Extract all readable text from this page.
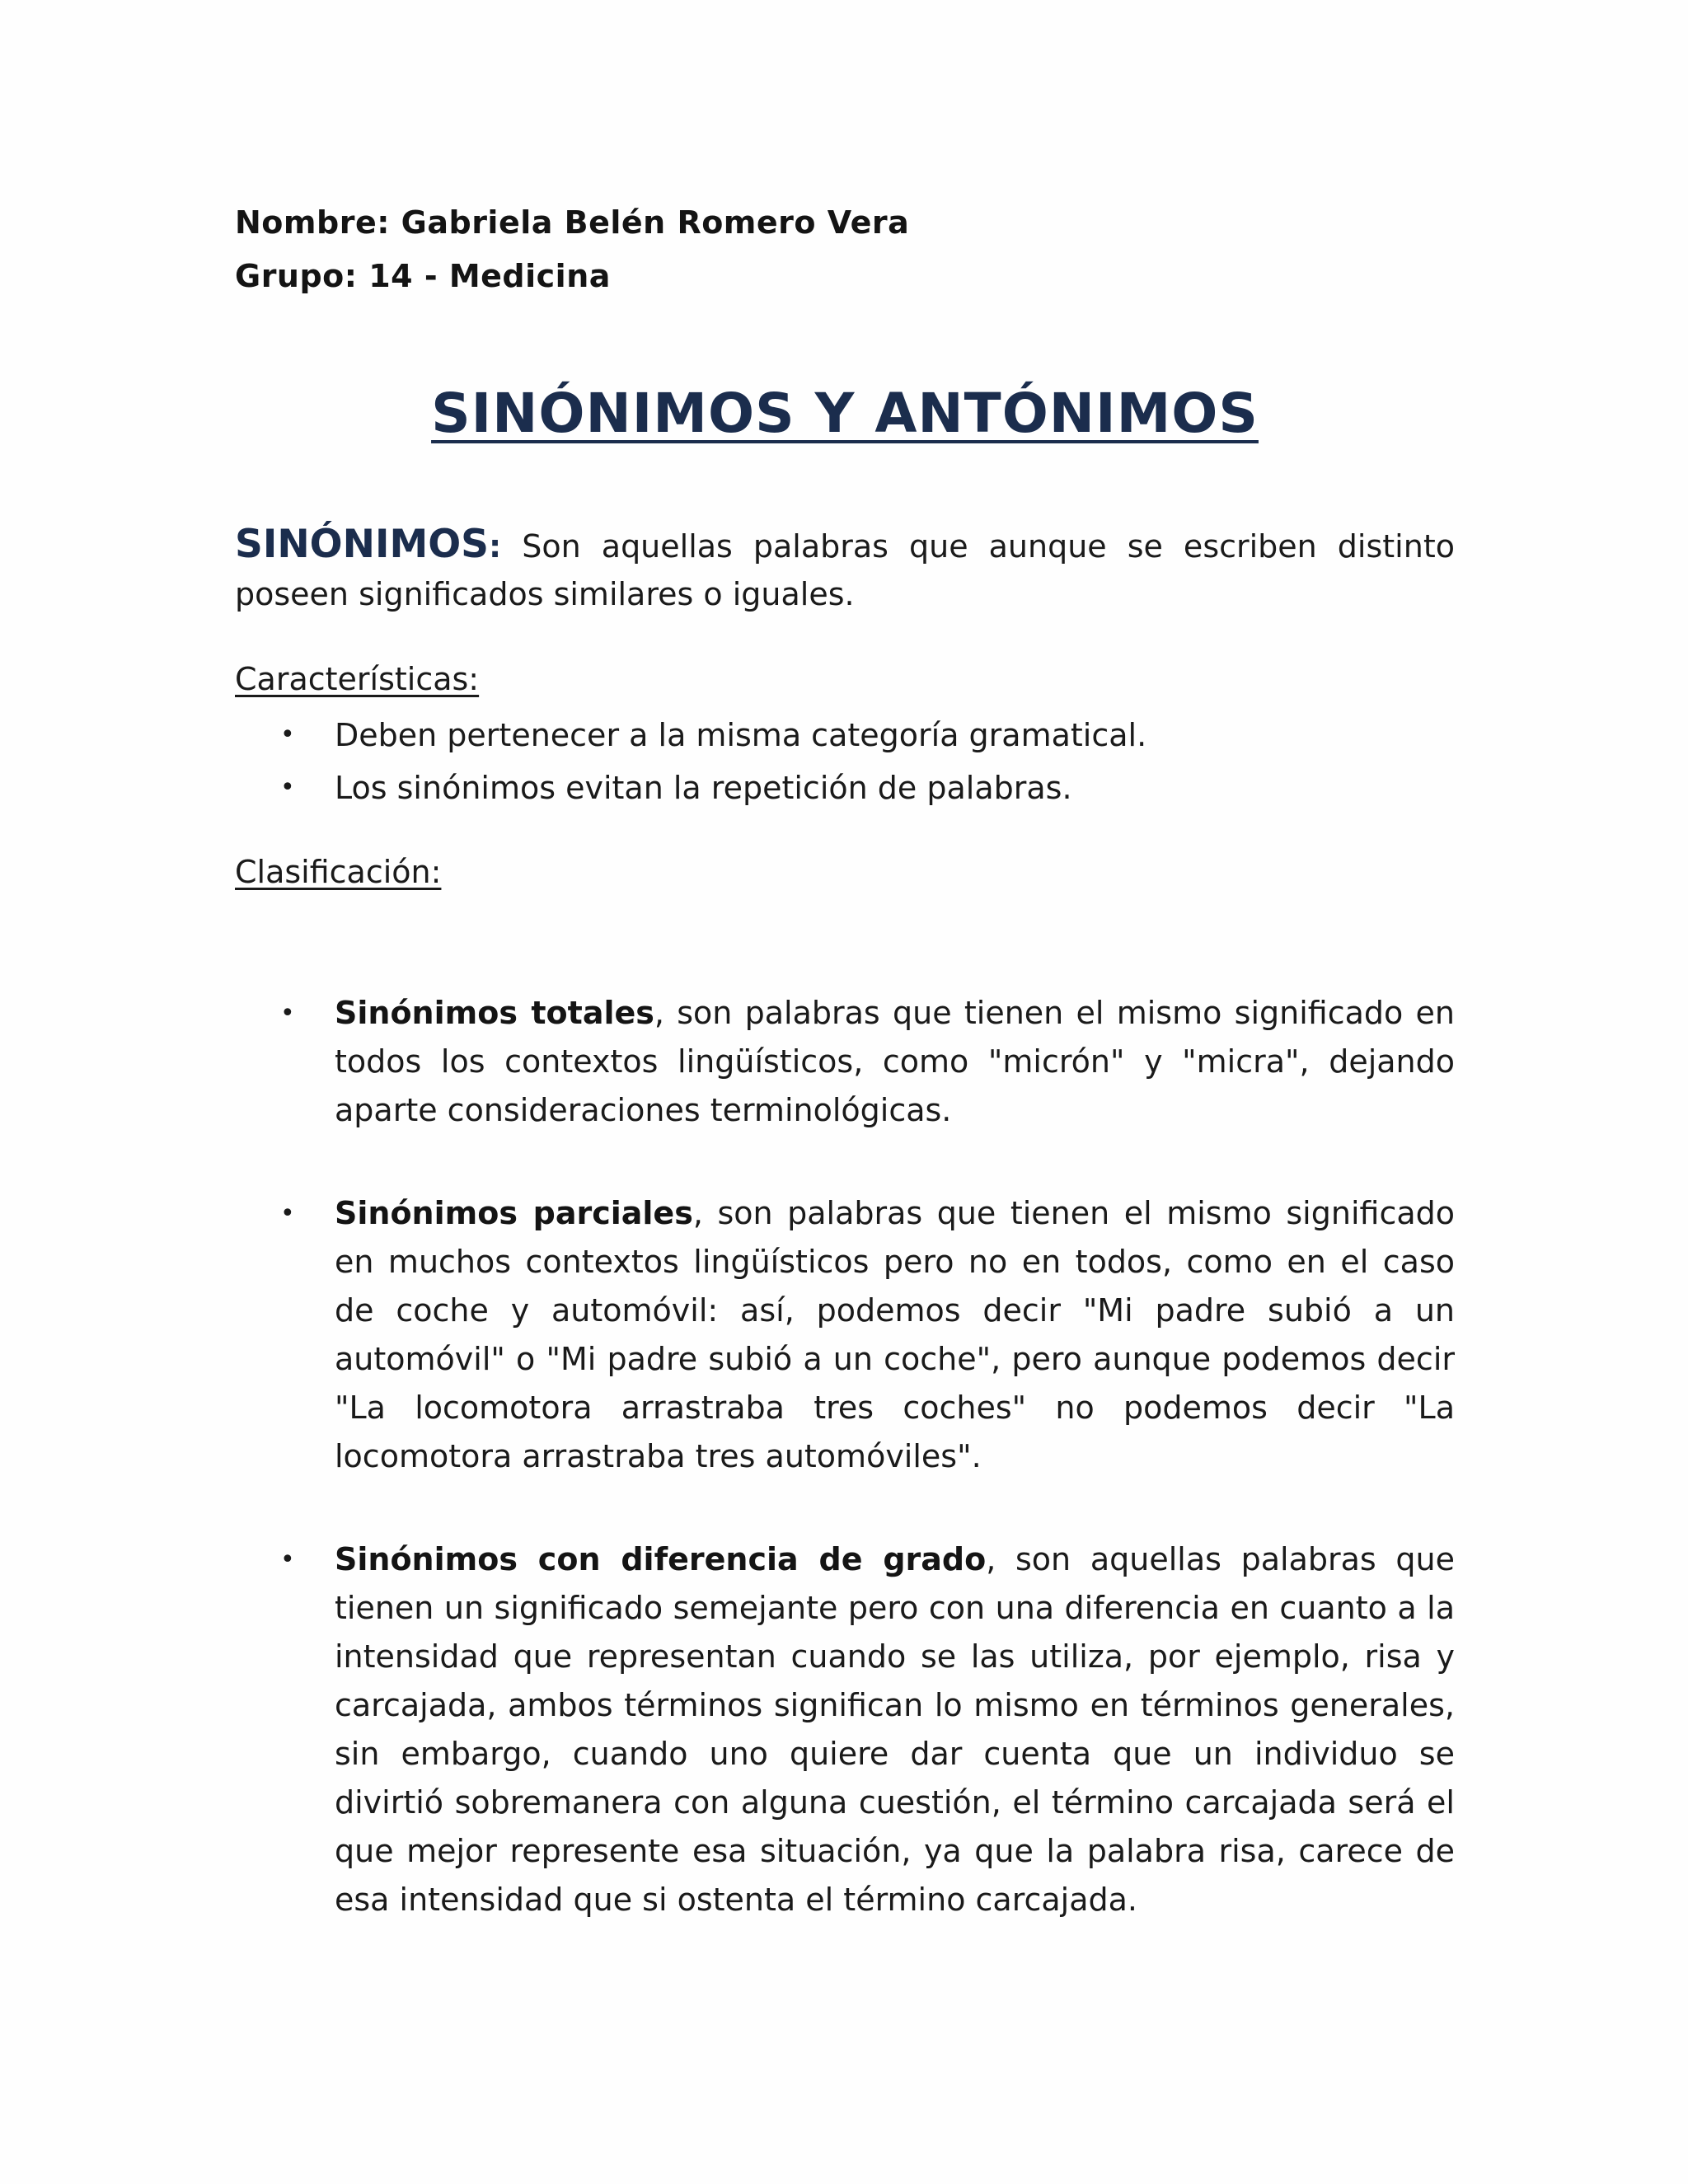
Nombre: Gabriela Belén Romero Vera
Grupo: 14 - Medicina
SINÓNIMOS Y ANTÓNIMOS
SINÓNIMOS: Son aquellas palabras que aunque se escriben distinto poseen significados similares o iguales.
Características:
• Deben pertenecer a la misma categoría gramatical.
• Los sinónimos evitan la repetición de palabras.
Clasificación:
• Sinónimos totales, son palabras que tienen el mismo significado en todos los contextos lingüísticos, como "micrón" y "micra", dejando aparte consideraciones terminológicas.
• Sinónimos parciales, son palabras que tienen el mismo significado en muchos contextos lingüísticos pero no en todos, como en el caso de coche y automóvil: así, podemos decir "Mi padre subió a un automóvil" o "Mi padre subió a un coche", pero aunque podemos decir "La locomotora arrastraba tres coches" no podemos decir "La locomotora arrastraba tres automóviles".
• Sinónimos con diferencia de grado, son aquellas palabras que tienen un significado semejante pero con una diferencia en cuanto a la intensidad que representan cuando se las utiliza, por ejemplo, risa y carcajada, ambos términos significan lo mismo en términos generales, sin embargo, cuando uno quiere dar cuenta que un individuo se divirtió sobremanera con alguna cuestión, el término carcajada será el que mejor represente esa situación, ya que la palabra risa, carece de esa intensidad que si ostenta el término carcajada.
